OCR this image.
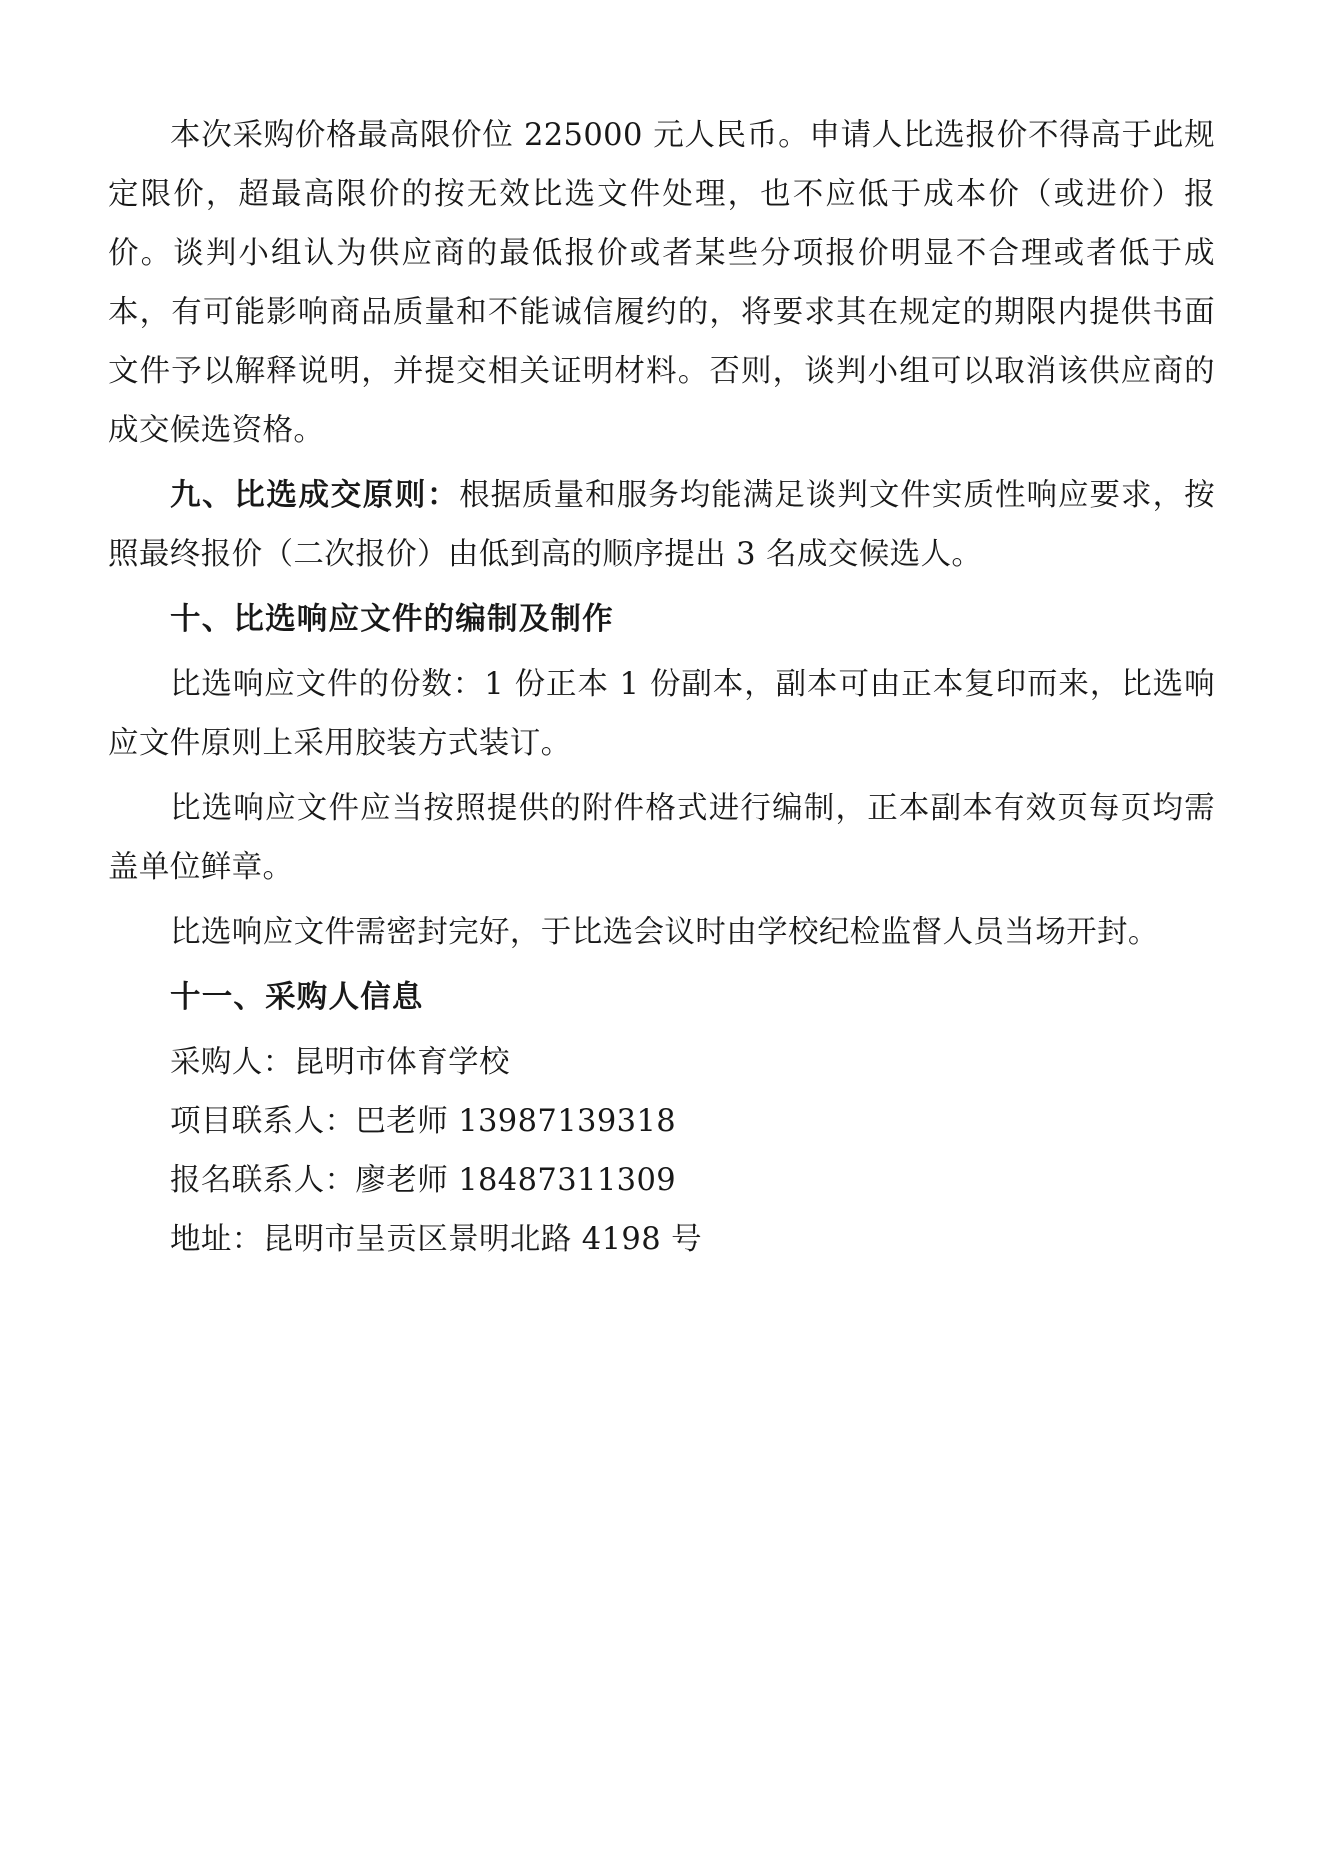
本次采购价格最高限价位 225000 元人民币。申请人比选报价不得高于此规定限价，超最高限价的按无效比选文件处理，也不应低于成本价（或进价）报价。谈判小组认为供应商的最低报价或者某些分项报价明显不合理或者低于成本，有可能影响商品质量和不能诚信履约的，将要求其在规定的期限内提供书面文件予以解释说明，并提交相关证明材料。否则，谈判小组可以取消该供应商的成交候选资格。

九、比选成交原则：根据质量和服务均能满足谈判文件实质性响应要求，按照最终报价（二次报价）由低到高的顺序提出 3 名成交候选人。

十、比选响应文件的编制及制作

比选响应文件的份数：1 份正本 1 份副本，副本可由正本复印而来，比选响应文件原则上采用胶装方式装订。

比选响应文件应当按照提供的附件格式进行编制，正本副本有效页每页均需盖单位鲜章。

比选响应文件需密封完好，于比选会议时由学校纪检监督人员当场开封。

十一、采购人信息

采购人：昆明市体育学校

项目联系人：巴老师 13987139318

报名联系人：廖老师 18487311309

地址：昆明市呈贡区景明北路 4198 号
